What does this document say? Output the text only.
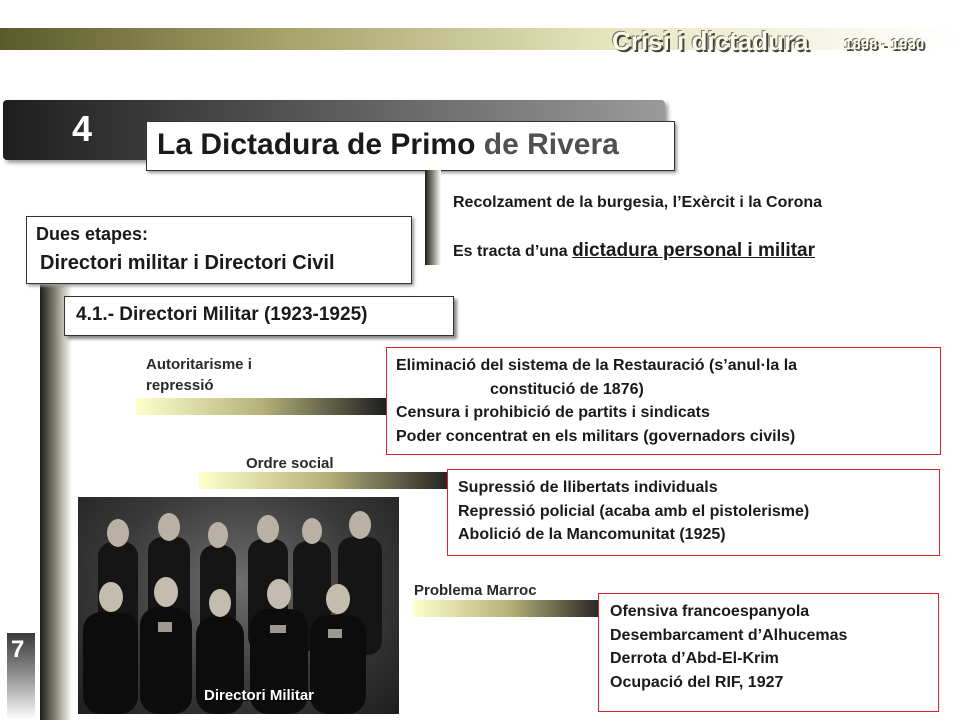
Crisi i dictadura 1898 - 1930
4 La Dictadura de Primo de Rivera
Recolzament de la burgesia, l’Exèrcit i la Corona
Es tracta d’una dictadura personal i militar
Dues etapes:
Directori militar i Directori Civil
4.1.- Directori Militar (1923-1925)
Autoritarisme i
repressió
Eliminació del sistema de la Restauració (s’anul·la la
constitució de 1876)
Censura i prohibició de partits i sindicats
Poder concentrat en els militars (governadors civils)
Ordre social
Supressió de llibertats individuals
Repressió policial (acaba amb el pistolerisme)
Abolició de la Mancomunitat (1925)
Problema Marroc
Ofensiva francoespanyola
Desembarcament d’Alhucemas
Derrota d’Abd-El-Krim
Ocupació del RIF, 1927
Directori Militar
7
